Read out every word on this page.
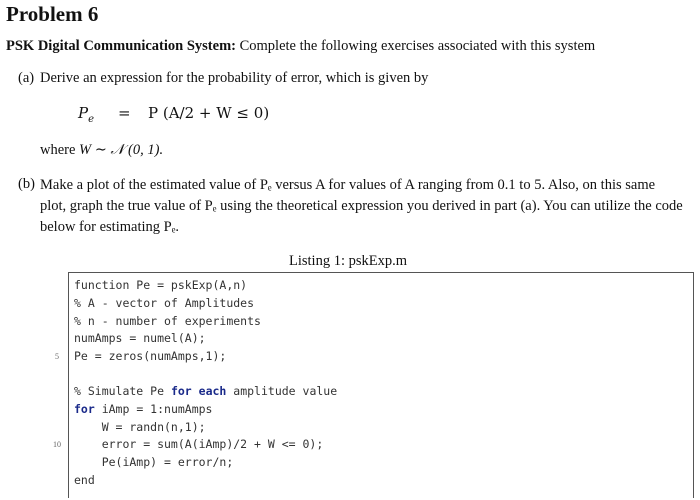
Problem 6
PSK Digital Communication System: Complete the following exercises associated with this system
(a) Derive an expression for the probability of error, which is given by
$P_e = P$ (A/2 + W ≤ 0)
where W ∼ 𝒩 (0, 1).
(b) Make a plot of the estimated value of Pₑ versus A for values of A ranging from 0.1 to 5. Also, on this same
plot, graph the true value of Pₑ using the theoretical expression you derived in part (a). You can utilize the code
below for estimating Pₑ.
Listing 1: pskExp.m
5
10
function Pe = pskExp(A,n)
% A - vector of Amplitudes
% n - number of experiments
numAmps = numel(A);
Pe = zeros(numAmps,1);
% Simulate Pe for each amplitude value
for iAmp = 1:numAmps
W = randn(n,1);
error = sum(A(iAmp)/2 + W <= 0);
Pe(iAmp) = error/n;
end
